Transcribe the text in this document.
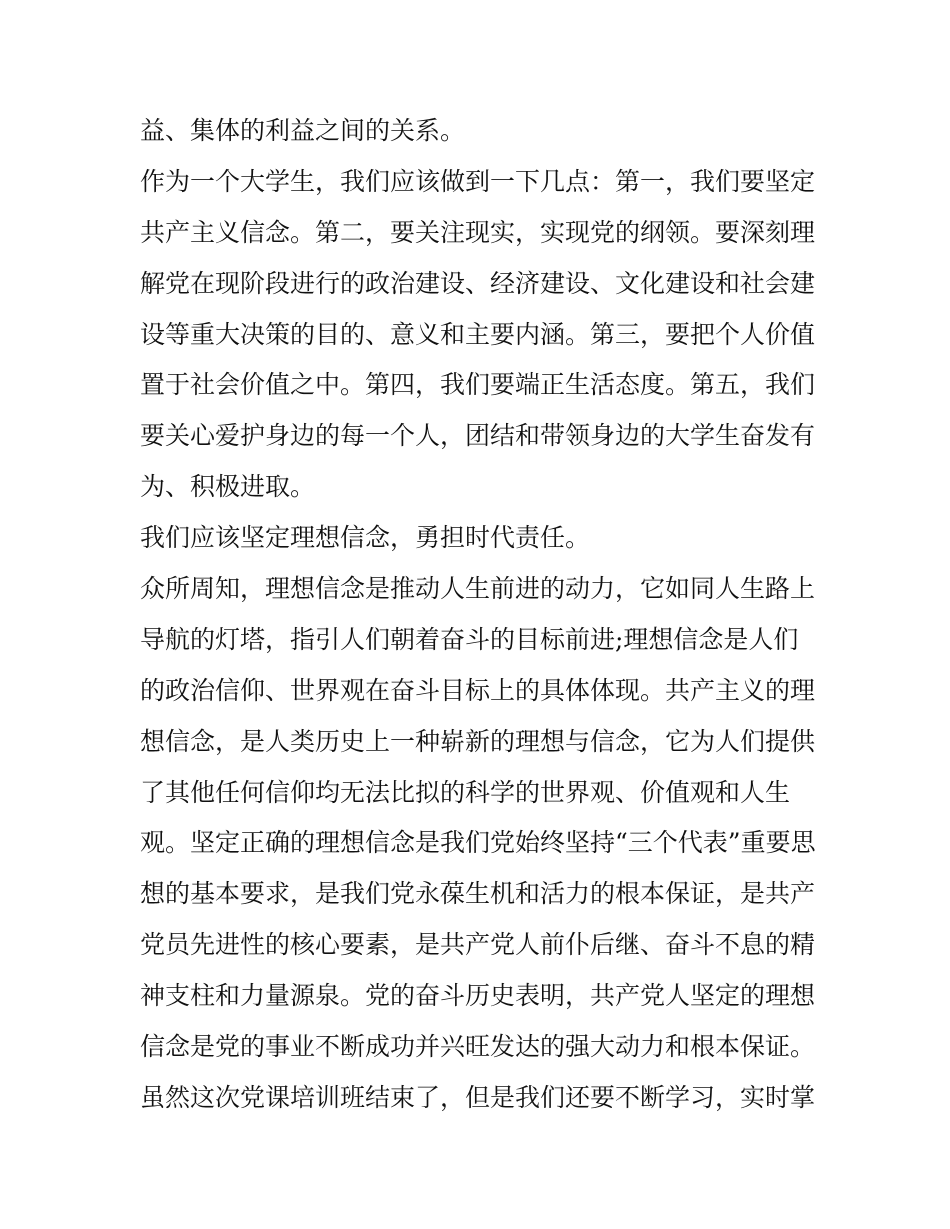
益、集体的利益之间的关系。
作为一个大学生，我们应该做到一下几点：第一，我们要坚定
共产主义信念。第二，要关注现实，实现党的纲领。要深刻理
解党在现阶段进行的政治建设、经济建设、文化建设和社会建
设等重大决策的目的、意义和主要内涵。第三，要把个人价值
置于社会价值之中。第四，我们要端正生活态度。第五，我们
要关心爱护身边的每一个人，团结和带领身边的大学生奋发有
为、积极进取。
我们应该坚定理想信念，勇担时代责任。
众所周知，理想信念是推动人生前进的动力，它如同人生路上
导航的灯塔，指引人们朝着奋斗的目标前进;理想信念是人们
的政治信仰、世界观在奋斗目标上的具体体现。共产主义的理
想信念，是人类历史上一种崭新的理想与信念，它为人们提供
了其他任何信仰均无法比拟的科学的世界观、价值观和人生
观。坚定正确的理想信念是我们党始终坚持“三个代表”重要思
想的基本要求，是我们党永葆生机和活力的根本保证，是共产
党员先进性的核心要素，是共产党人前仆后继、奋斗不息的精
神支柱和力量源泉。党的奋斗历史表明，共产党人坚定的理想
信念是党的事业不断成功并兴旺发达的强大动力和根本保证。
虽然这次党课培训班结束了，但是我们还要不断学习，实时掌
